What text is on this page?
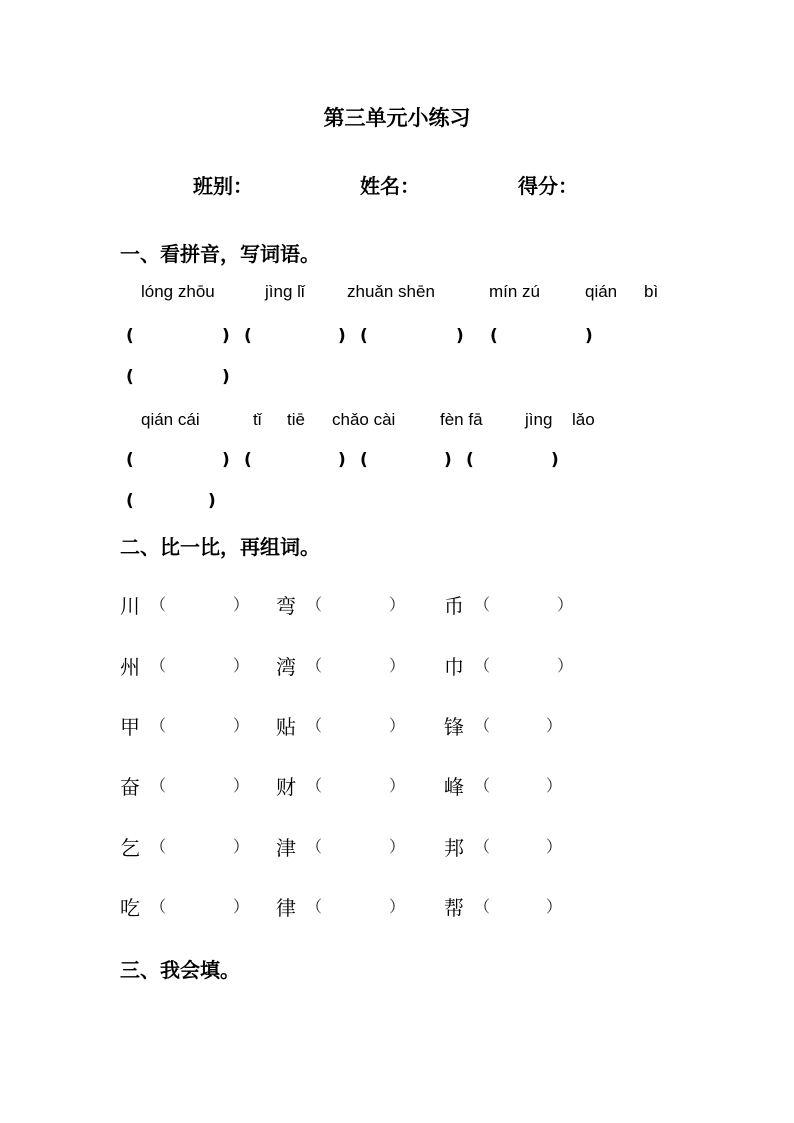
第三单元小练习
班别：	姓名：	得分：
一、看拼音，写词语。
lóng zhōu	jìng lǐ zhuǎn shēn	mín zú	qián bì
(	) (	) (	) (	)
(	)
qián cái	tǐ tiē chǎo cài	fèn fā jìng lǎo
(	) (	) (	) (	)
(	)
二、比一比，再组词。
川 （	） 弯 （	） 币 （	）
州 （	） 湾 （	） 巾 （	）
甲 （	） 贴 （	） 锋 （	）
奋 （	） 财 （	） 峰 （	）
乞 （	） 津 （	） 邦 （	）
吃 （	） 律 （	） 帮 （	）
三、我会填。
